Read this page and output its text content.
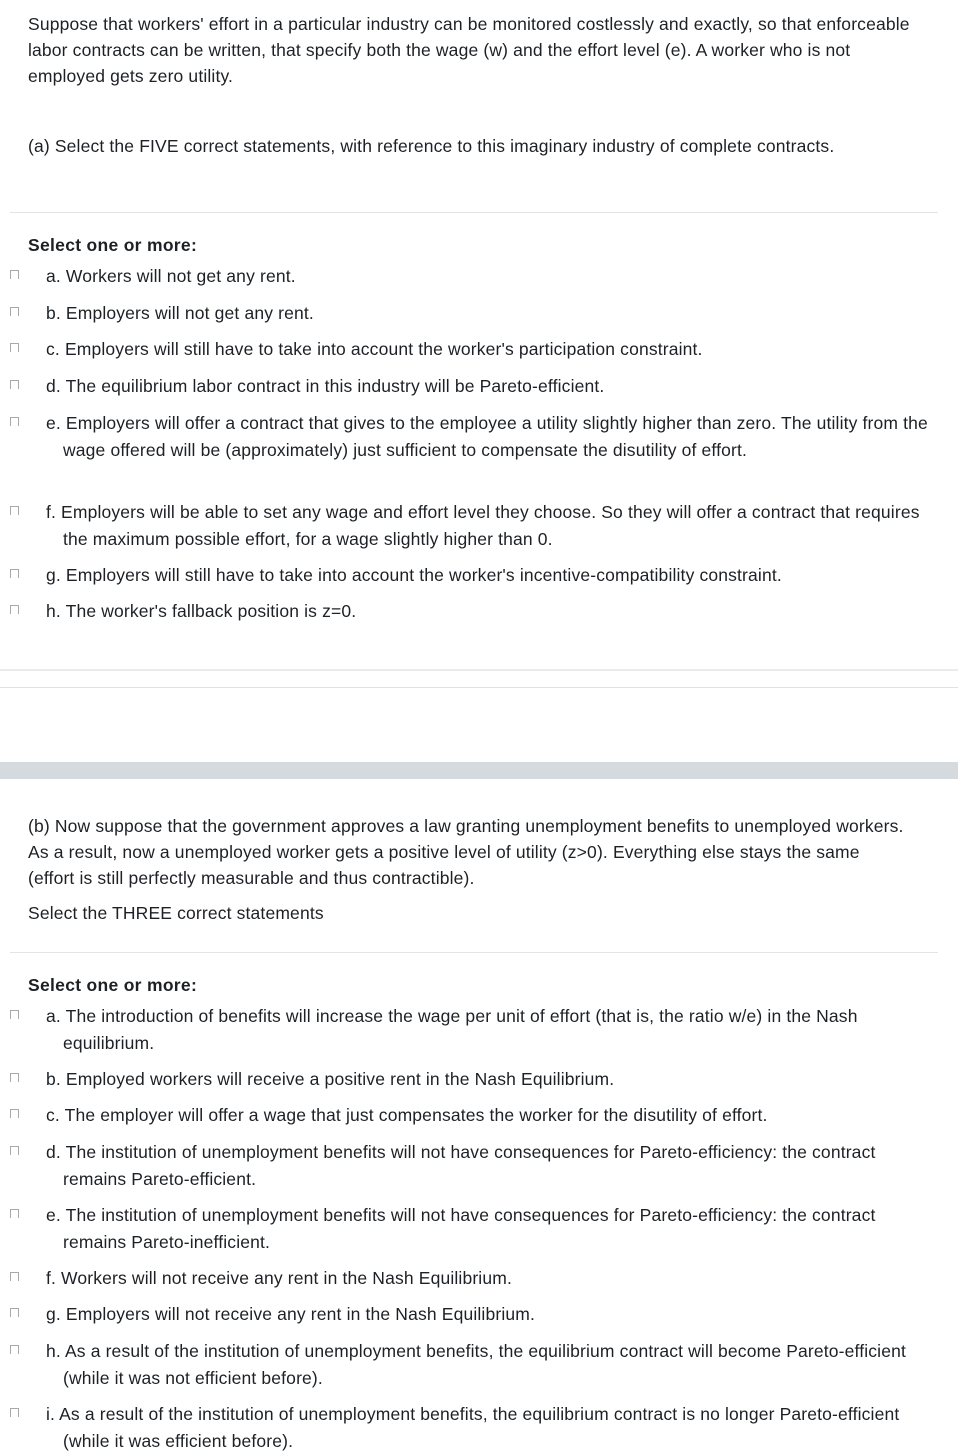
Suppose that workers' effort in a particular industry can be monitored costlessly and exactly, so that enforceable labor contracts can be written, that specify both the wage (w) and the effort level (e). A worker who is not employed gets zero utility.

(a) Select the FIVE correct statements, with reference to this imaginary industry of complete contracts.

Select one or more:
a. Workers will not get any rent.
b. Employers will not get any rent.
c. Employers will still have to take into account the worker's participation constraint.
d. The equilibrium labor contract in this industry will be Pareto-efficient.
e. Employers will offer a contract that gives to the employee a utility slightly higher than zero. The utility from the wage offered will be (approximately) just sufficient to compensate the disutility of effort.
f. Employers will be able to set any wage and effort level they choose. So they will offer a contract that requires the maximum possible effort, for a wage slightly higher than 0.
g. Employers will still have to take into account the worker's incentive-compatibility constraint.
h. The worker's fallback position is z=0.

(b) Now suppose that the government approves a law granting unemployment benefits to unemployed workers. As a result, now a unemployed worker gets a positive level of utility (z>0). Everything else stays the same (effort is still perfectly measurable and thus contractible).

Select the THREE correct statements

Select one or more:
a. The introduction of benefits will increase the wage per unit of effort (that is, the ratio w/e) in the Nash equilibrium.
b. Employed workers will receive a positive rent in the Nash Equilibrium.
c. The employer will offer a wage that just compensates the worker for the disutility of effort.
d. The institution of unemployment benefits will not have consequences for Pareto-efficiency: the contract remains Pareto-efficient.
e. The institution of unemployment benefits will not have consequences for Pareto-efficiency: the contract remains Pareto-inefficient.
f. Workers will not receive any rent in the Nash Equilibrium.
g. Employers will not receive any rent in the Nash Equilibrium.
h. As a result of the institution of unemployment benefits, the equilibrium contract will become Pareto-efficient (while it was not efficient before).
i. As a result of the institution of unemployment benefits, the equilibrium contract is no longer Pareto-efficient (while it was efficient before).
